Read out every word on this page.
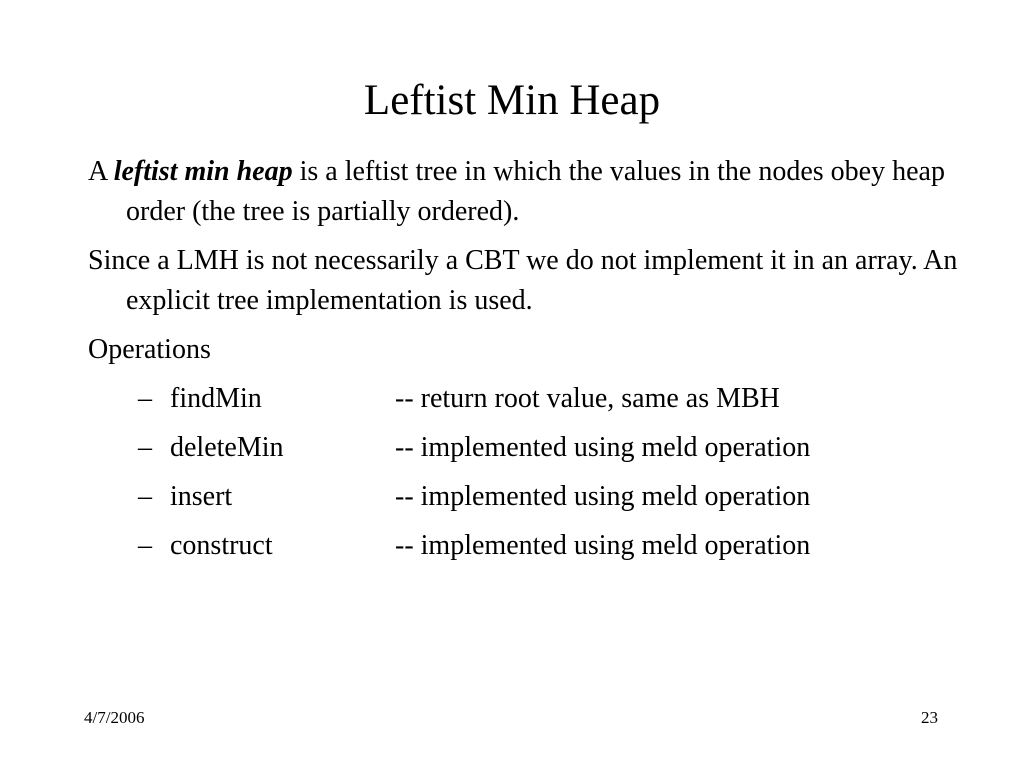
Leftist Min Heap

A leftist min heap is a leftist tree in which the values in the nodes obey heap order (the tree is partially ordered).

Since a LMH is not necessarily a CBT we do not implement it in an array. An explicit tree implementation is used.

Operations

– findMin	-- return root value, same as MBH
– deleteMin	-- implemented using meld operation
– insert	-- implemented using meld operation
– construct	-- implemented using meld operation
4/7/2006	23
